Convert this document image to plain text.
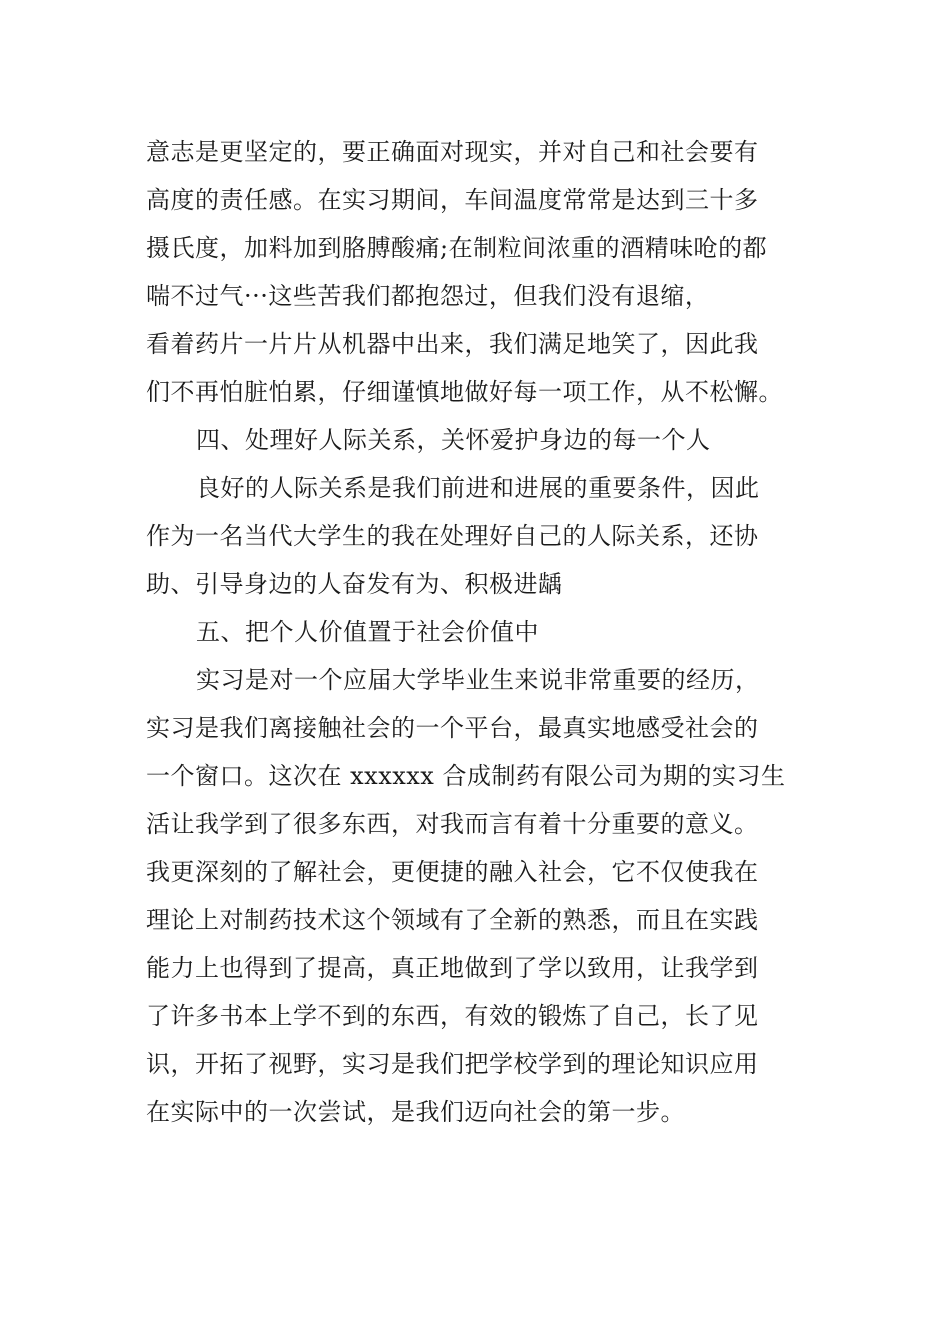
意志是更坚定的，要正确面对现实，并对自己和社会要有
高度的责任感。在实习期间，车间温度常常是达到三十多
摄氏度，加料加到胳膊酸痛;在制粒间浓重的酒精味呛的都
喘不过气···这些苦我们都抱怨过，但我们没有退缩，
看着药片一片片从机器中出来，我们满足地笑了，因此我
们不再怕脏怕累，仔细谨慎地做好每一项工作，从不松懈。
四、处理好人际关系，关怀爱护身边的每一个人
良好的人际关系是我们前进和进展的重要条件，因此
作为一名当代大学生的我在处理好自己的人际关系，还协
助、引导身边的人奋发有为、积极进龋
五、把个人价值置于社会价值中
实习是对一个应届大学毕业生来说非常重要的经历，
实习是我们离接触社会的一个平台，最真实地感受社会的
一个窗口。这次在 xxxxxx 合成制药有限公司为期的实习生
活让我学到了很多东西，对我而言有着十分重要的意义。
我更深刻的了解社会，更便捷的融入社会，它不仅使我在
理论上对制药技术这个领域有了全新的熟悉，而且在实践
能力上也得到了提高，真正地做到了学以致用，让我学到
了许多书本上学不到的东西，有效的锻炼了自己，长了见
识，开拓了视野，实习是我们把学校学到的理论知识应用
在实际中的一次尝试，是我们迈向社会的第一步。
